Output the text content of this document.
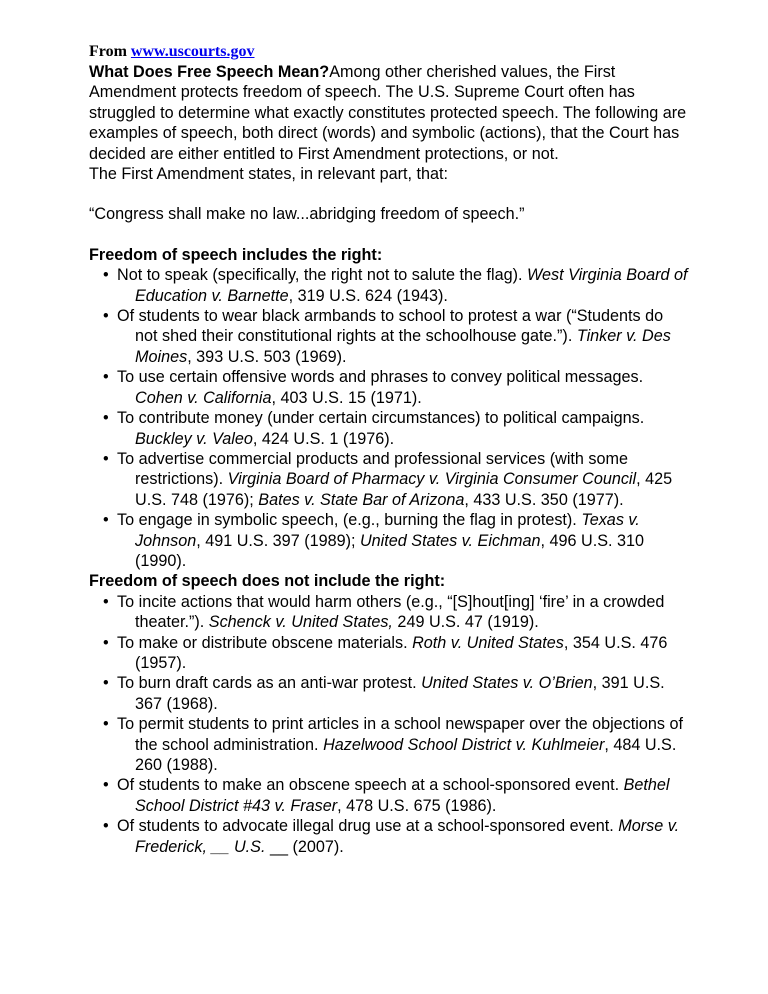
From www.uscourts.gov

What Does Free Speech Mean?Among other cherished values, the First Amendment protects freedom of speech. The U.S. Supreme Court often has struggled to determine what exactly constitutes protected speech. The following are examples of speech, both direct (words) and symbolic (actions), that the Court has decided are either entitled to First Amendment protections, or not.

The First Amendment states, in relevant part, that:

“Congress shall make no law...abridging freedom of speech.”

Freedom of speech includes the right:

• Not to speak (specifically, the right not to salute the flag). West Virginia Board of Education v. Barnette, 319 U.S. 624 (1943).
• Of students to wear black armbands to school to protest a war (“Students do not shed their constitutional rights at the schoolhouse gate.”). Tinker v. Des Moines, 393 U.S. 503 (1969).
• To use certain offensive words and phrases to convey political messages. Cohen v. California, 403 U.S. 15 (1971).
• To contribute money (under certain circumstances) to political campaigns. Buckley v. Valeo, 424 U.S. 1 (1976).
• To advertise commercial products and professional services (with some restrictions). Virginia Board of Pharmacy v. Virginia Consumer Council, 425 U.S. 748 (1976); Bates v. State Bar of Arizona, 433 U.S. 350 (1977).
• To engage in symbolic speech, (e.g., burning the flag in protest). Texas v. Johnson, 491 U.S. 397 (1989); United States v. Eichman, 496 U.S. 310 (1990).

Freedom of speech does not include the right:

• To incite actions that would harm others (e.g., “[S]hout[ing] ‘fire’ in a crowded theater.”). Schenck v. United States, 249 U.S. 47 (1919).
• To make or distribute obscene materials. Roth v. United States, 354 U.S. 476 (1957).
• To burn draft cards as an anti-war protest. United States v. O’Brien, 391 U.S. 367 (1968).
• To permit students to print articles in a school newspaper over the objections of the school administration. Hazelwood School District v. Kuhlmeier, 484 U.S. 260 (1988).
• Of students to make an obscene speech at a school-sponsored event. Bethel School District #43 v. Fraser, 478 U.S. 675 (1986).
• Of students to advocate illegal drug use at a school-sponsored event. Morse v. Frederick, __ U.S. __ (2007).
